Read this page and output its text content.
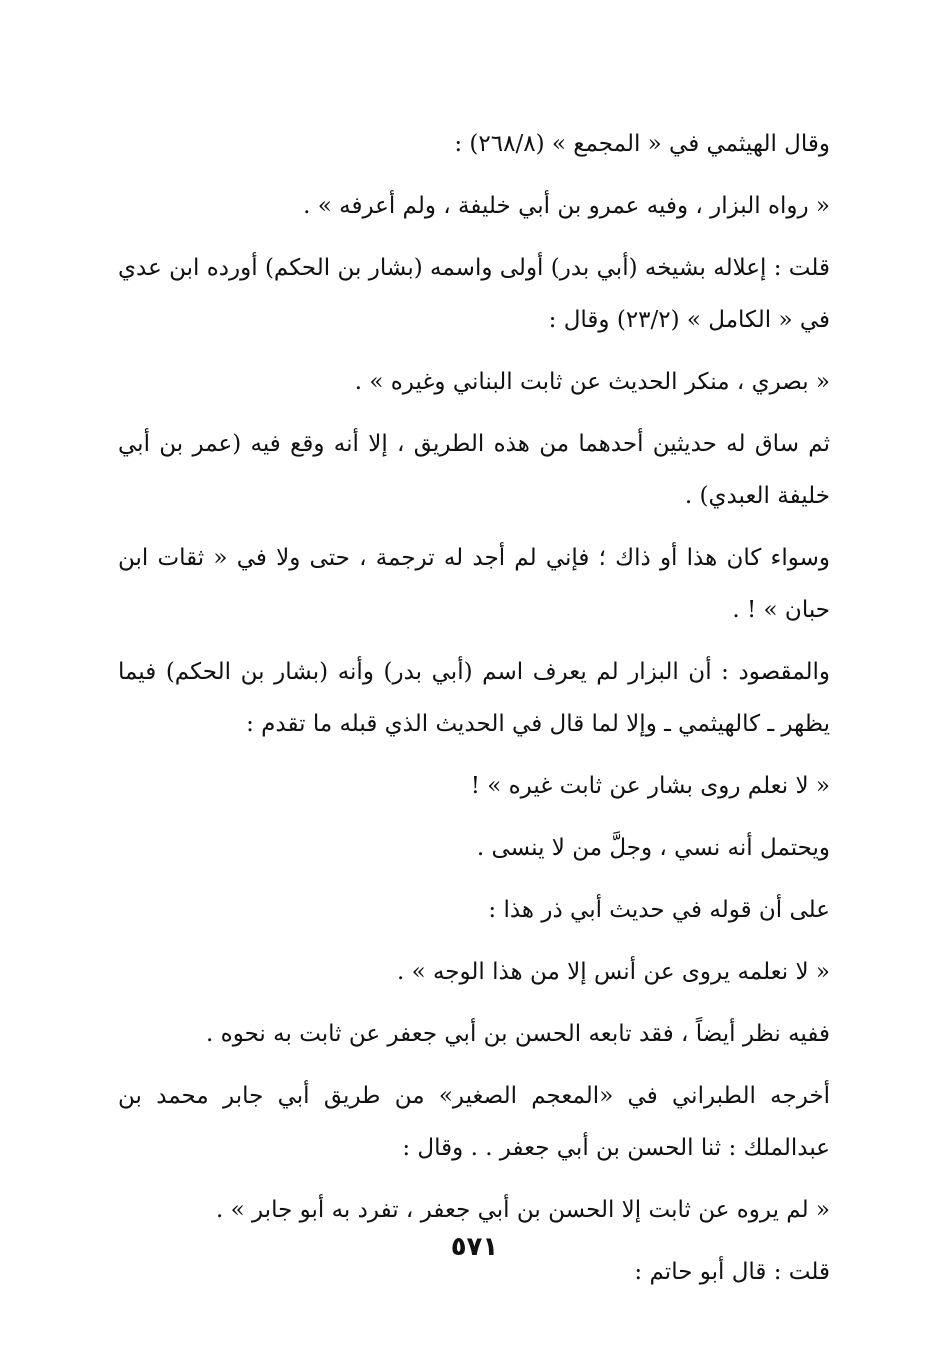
وقال الهيثمي في « المجمع » (٢٦٨/٨) :

« رواه البزار ، وفيه عمرو بن أبي خليفة ، ولم أعرفه » .

قلت : إعلاله بشيخه (أبي بدر) أولى واسمه (بشار بن الحكم) أورده ابن عدي في « الكامل » (٢٣/٢) وقال :

« بصري ، منكر الحديث عن ثابت البناني وغيره » .

ثم ساق له حديثين أحدهما من هذه الطريق ، إلا أنه وقع فيه (عمر بن أبي خليفة العبدي) .

وسواء كان هذا أو ذاك ؛ فإني لم أجد له ترجمة ، حتى ولا في « ثقات ابن حبان » ! .

والمقصود : أن البزار لم يعرف اسم (أبي بدر) وأنه (بشار بن الحكم) فيما يظهر ـ كالهيثمي ـ وإلا لما قال في الحديث الذي قبله ما تقدم :

« لا نعلم روى بشار عن ثابت غيره » !

ويحتمل أنه نسي ، وجلَّ من لا ينسى .

على أن قوله في حديث أبي ذر هذا :

« لا نعلمه يروى عن أنس إلا من هذا الوجه » .

ففيه نظر أيضاً ، فقد تابعه الحسن بن أبي جعفر عن ثابت به نحوه .

أخرجه الطبراني في «المعجم الصغير» من طريق أبي جابر محمد بن عبدالملك : ثنا الحسن بن أبي جعفر . . وقال :

« لم يروه عن ثابت إلا الحسن بن أبي جعفر ، تفرد به أبو جابر » .

قلت : قال أبو حاتم :

٥٧١
